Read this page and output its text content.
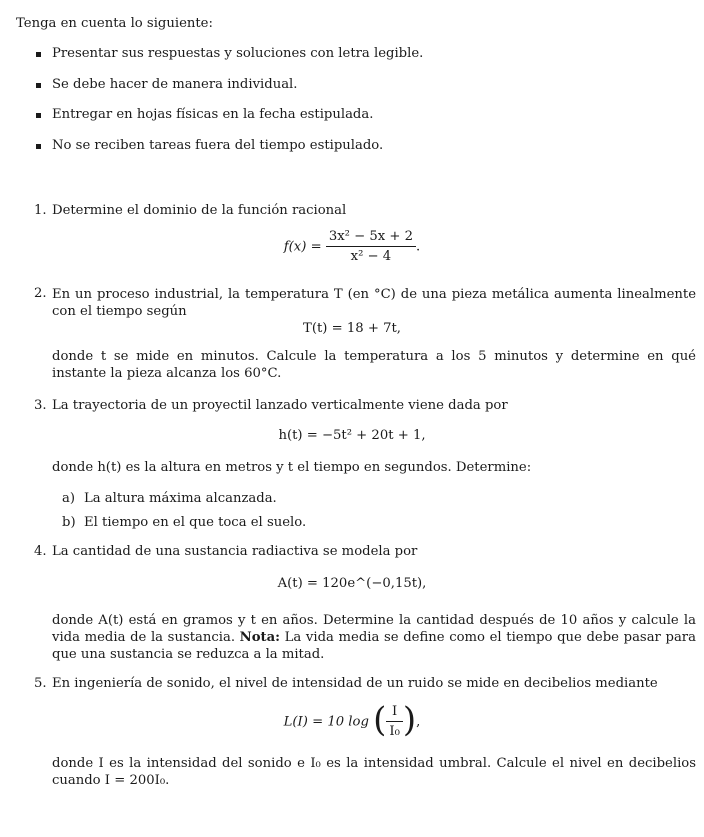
Tenga en cuenta lo siguiente:
Presentar sus respuestas y soluciones con letra legible.
Se debe hacer de manera individual.
Entregar en hojas físicas en la fecha estipulada.
No se reciben tareas fuera del tiempo estipulado.
1. Determine el dominio de la función racional
$f(x) = \frac{\text{3x² − 5x + 2}}{\text{x² − 4}}$ .
2. En un proceso industrial, la temperatura T (en °C) de una pieza metálica aumenta linealmente con el tiempo según
T(t) = 18 + 7t,
donde t se mide en minutos. Calcule la temperatura a los 5 minutos y determine en qué instante la pieza alcanza los 60°C.
3. La trayectoria de un proyectil lanzado verticalmente viene dada por
h(t) = −5t² + 20t + 1,
donde h(t) es la altura en metros y t el tiempo en segundos. Determine:
a) La altura máxima alcanzada.
b) El tiempo en el que toca el suelo.
4. La cantidad de una sustancia radiactiva se modela por
A(t) = 120e^(−0,15t),
donde A(t) está en gramos y t en años. Determine la cantidad después de 10 años y calcule la vida media de la sustancia. Nota: La vida media se define como el tiempo que debe pasar para que una sustancia se reduzca a la mitad.
5. En ingeniería de sonido, el nivel de intensidad de un ruido se mide en decibelios mediante
L(I) = 10 log ( $\frac{I}{\text{I₀}}$ ),
donde I es la intensidad del sonido e I₀ es la intensidad umbral. Calcule el nivel en decibelios cuando I = 200I₀.
